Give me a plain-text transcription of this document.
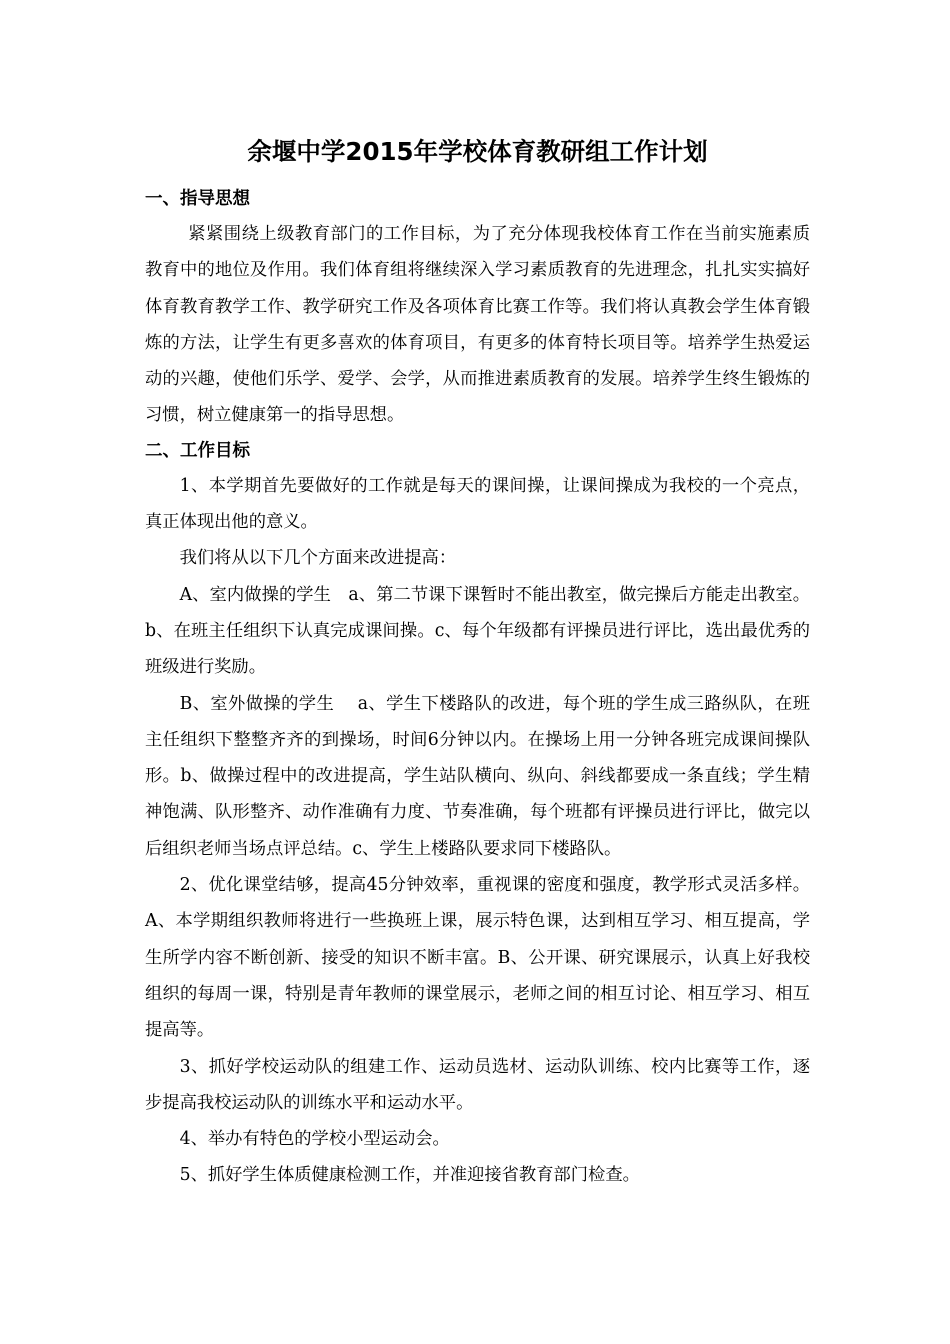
余堰中学2015年学校体育教研组工作计划
一、指导思想

紧紧围绕上级教育部门的工作目标，为了充分体现我校体育工作在当前实施素质教育中的地位及作用。我们体育组将继续深入学习素质教育的先进理念，扎扎实实搞好体育教育教学工作、教学研究工作及各项体育比赛工作等。我们将认真教会学生体育锻炼的方法，让学生有更多喜欢的体育项目，有更多的体育特长项目等。培养学生热爱运动的兴趣，使他们乐学、爱学、会学，从而推进素质教育的发展。培养学生终生锻炼的习惯，树立健康第一的指导思想。

二、工作目标

1、本学期首先要做好的工作就是每天的课间操，让课间操成为我校的一个亮点，真正体现出他的意义。

我们将从以下几个方面来改进提高：

A、室内做操的学生　a、第二节课下课暂时不能出教室，做完操后方能走出教室。b、在班主任组织下认真完成课间操。c、每个年级都有评操员进行评比，选出最优秀的班级进行奖励。

B、室外做操的学生　 a、学生下楼路队的改进，每个班的学生成三路纵队，在班主任组织下整整齐齐的到操场，时间6分钟以内。在操场上用一分钟各班完成课间操队形。b、做操过程中的改进提高，学生站队横向、纵向、斜线都要成一条直线；学生精神饱满、队形整齐、动作准确有力度、节奏准确，每个班都有评操员进行评比，做完以后组织老师当场点评总结。c、学生上楼路队要求同下楼路队。

2、优化课堂结够，提高45分钟效率，重视课的密度和强度，教学形式灵活多样。A、本学期组织教师将进行一些换班上课，展示特色课，达到相互学习、相互提高，学生所学内容不断创新、接受的知识不断丰富。B、公开课、研究课展示，认真上好我校组织的每周一课，特别是青年教师的课堂展示，老师之间的相互讨论、相互学习、相互提高等。

3、抓好学校运动队的组建工作、运动员选材、运动队训练、校内比赛等工作，逐步提高我校运动队的训练水平和运动水平。

4、举办有特色的学校小型运动会。

5、抓好学生体质健康检测工作，并准迎接省教育部门检查。
